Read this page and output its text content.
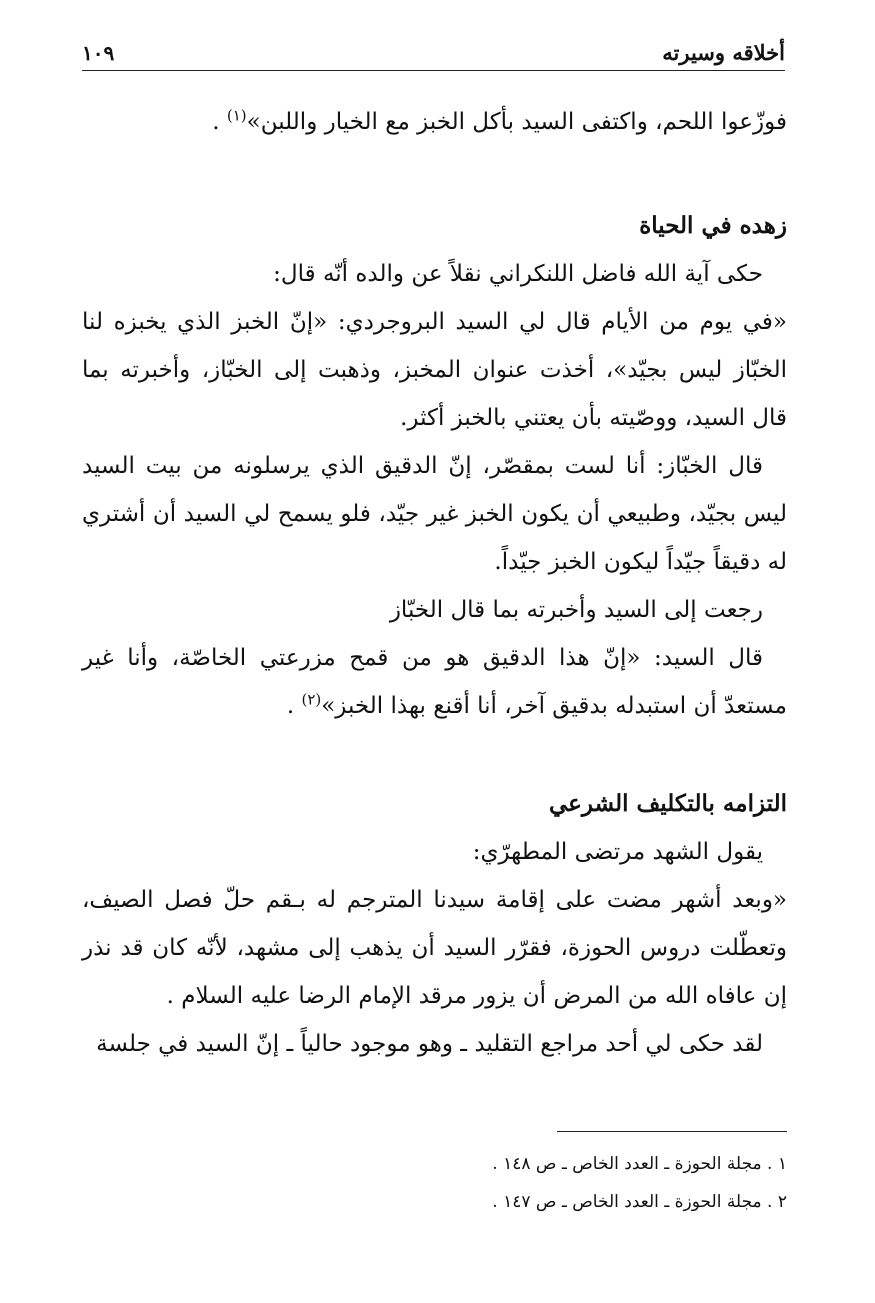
أخلاقه وسيرته
١٠٩

فوزّعوا اللحم، واكتفى السيد بأكل الخبز مع الخيار واللبن»$^{(١)}$ .

زهده في الحياة

حكى آية الله فاضل اللنكراني نقلاً عن والده أنّه قال:

«في يوم من الأيام قال لي السيد البروجردي: «إنّ الخبز الذي يخبزه لنا الخبّاز ليس بجيّد»، أخذت عنوان المخبز، وذهبت إلى الخبّاز، وأخبرته بما قال السيد، ووصّيته بأن يعتني بالخبز أكثر.

قال الخبّاز: أنا لست بمقصّر، إنّ الدقيق الذي يرسلونه من بيت السيد ليس بجيّد، وطبيعي أن يكون الخبز غير جيّد، فلو يسمح لي السيد أن أشتري له دقيقاً جيّداً ليكون الخبز جيّداً.

رجعت إلى السيد وأخبرته بما قال الخبّاز

قال السيد: «إنّ هذا الدقيق هو من قمح مزرعتي الخاصّة، وأنا غير مستعدّ أن استبدله بدقيق آخر، أنا أقنع بهذا الخبز»$^{(٢)}$ .

التزامه بالتكليف الشرعي

يقول الشهد مرتضى المطهرّي:

«وبعد أشهر مضت على إقامة سيدنا المترجم له بـقم حلّ فصل الصيف، وتعطّلت دروس الحوزة، فقرّر السيد أن يذهب إلى مشهد، لأنّه كان قد نذر إن عافاه الله من المرض أن يزور مرقد الإمام الرضا عليه السلام .

لقد حكى لي أحد مراجع التقليد ـ وهو موجود حالياً ـ إنّ السيد في جلسة

١ . مجلة الحوزة ـ العدد الخاص ـ ص ١٤٨ .
٢ . مجلة الحوزة ـ العدد الخاص ـ ص ١٤٧ .
